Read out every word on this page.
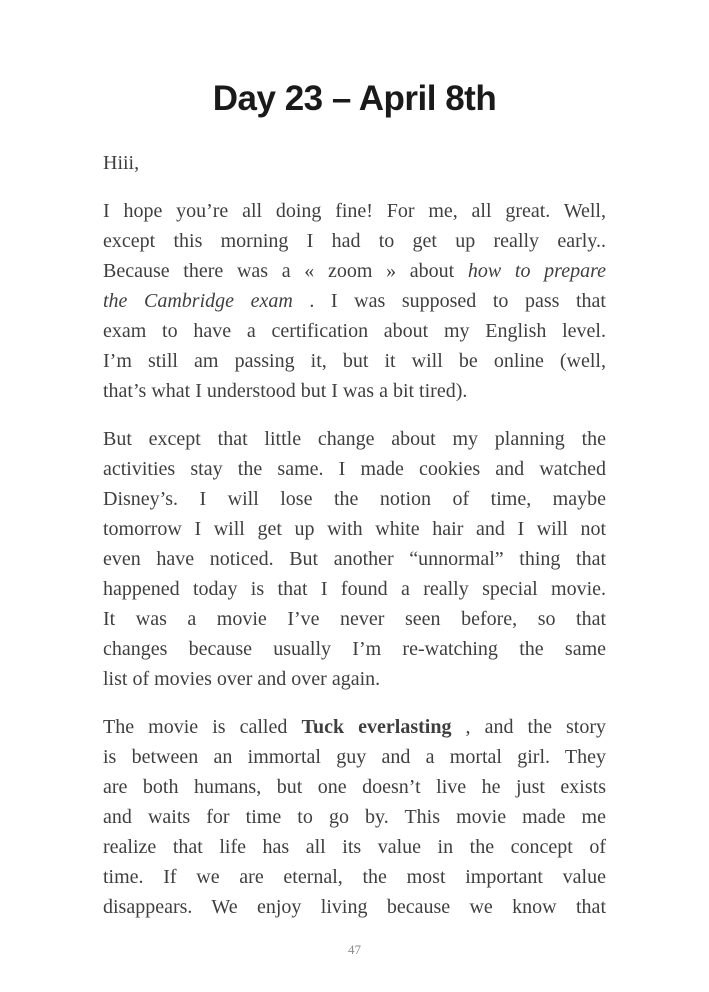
Day 23 – April 8th

Hiii,

I hope you’re all doing fine! For me, all great. Well,
except this morning I had to get up really early..
Because there was a « zoom » about how to prepare
the Cambridge exam . I was supposed to pass that
exam to have a certification about my English level.
I’m still am passing it, but it will be online (well,
that’s what I understood but I was a bit tired).
But except that little change about my planning the
activities stay the same. I made cookies and watched
Disney’s. I will lose the notion of time, maybe
tomorrow I will get up with white hair and I will not
even have noticed. But another “unnormal” thing that
happened today is that I found a really special movie.
It was a movie I’ve never seen before, so that
changes because usually I’m re-watching the same
list of movies over and over again.
The movie is called Tuck everlasting , and the story
is between an immortal guy and a mortal girl. They
are both humans, but one doesn’t live he just exists
and waits for time to go by. This movie made me
realize that life has all its value in the concept of
time. If we are eternal, the most important value
disappears. We enjoy living because we know that
47
